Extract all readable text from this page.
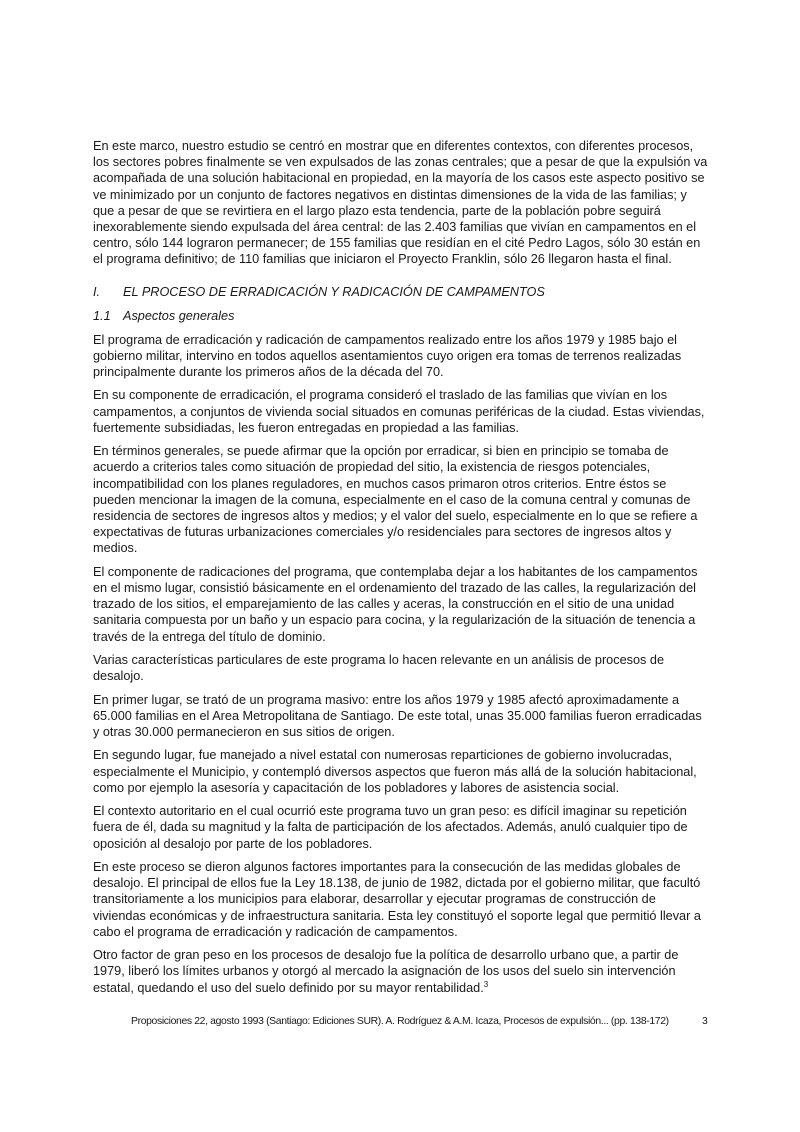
En este marco, nuestro estudio se centró en mostrar que en diferentes contextos, con diferentes procesos, los sectores pobres finalmente se ven expulsados de las zonas centrales; que a pesar de que la expulsión va acompañada de una solución habitacional en propiedad, en la mayoría de los casos este aspecto positivo se ve minimizado por un conjunto de factores negativos en distintas dimensiones de la vida de las familias; y que a pesar de que se revirtiera en el largo plazo esta tendencia, parte de la población pobre seguirá inexorablemente siendo expulsada del área central: de las 2.403 familias que vivían en campamentos en el centro, sólo 144 lograron permanecer; de 155 familias que residían en el cité Pedro Lagos, sólo 30 están en el programa definitivo; de 110 familias que iniciaron el Proyecto Franklin, sólo 26 llegaron hasta el final.

I. EL PROCESO DE ERRADICACIÓN Y RADICACIÓN DE CAMPAMENTOS
1.1 Aspectos generales

El programa de erradicación y radicación de campamentos realizado entre los años 1979 y 1985 bajo el gobierno militar, intervino en todos aquellos asentamientos cuyo origen era tomas de terrenos realizadas principalmente durante los primeros años de la década del 70.

En su componente de erradicación, el programa consideró el traslado de las familias que vivían en los campamentos, a conjuntos de vivienda social situados en comunas periféricas de la ciudad. Estas viviendas, fuertemente subsidiadas, les fueron entregadas en propiedad a las familias.

En términos generales, se puede afirmar que la opción por erradicar, si bien en principio se tomaba de acuerdo a criterios tales como situación de propiedad del sitio, la existencia de riesgos potenciales, incompatibilidad con los planes reguladores, en muchos casos primaron otros criterios. Entre éstos se pueden mencionar la imagen de la comuna, especialmente en el caso de la comuna central y comunas de residencia de sectores de ingresos altos y medios; y el valor del suelo, especialmente en lo que se refiere a expectativas de futuras urbanizaciones comerciales y/o residenciales para sectores de ingresos altos y medios.

El componente de radicaciones del programa, que contemplaba dejar a los habitantes de los campamentos en el mismo lugar, consistió básicamente en el ordenamiento del trazado de las calles, la regularización del trazado de los sitios, el emparejamiento de las calles y aceras, la construcción en el sitio de una unidad sanitaria compuesta por un baño y un espacio para cocina, y la regularización de la situación de tenencia a través de la entrega del título de dominio.

Varias características particulares de este programa lo hacen relevante en un análisis de procesos de desalojo.

En primer lugar, se trató de un programa masivo: entre los años 1979 y 1985 afectó aproximadamente a 65.000 familias en el Area Metropolitana de Santiago. De este total, unas 35.000 familias fueron erradicadas y otras 30.000 permanecieron en sus sitios de origen.

En segundo lugar, fue manejado a nivel estatal con numerosas reparticiones de gobierno involucradas, especialmente el Municipio, y contempló diversos aspectos que fueron más allá de la solución habitacional, como por ejemplo la asesoría y capacitación de los pobladores y labores de asistencia social.

El contexto autoritario en el cual ocurrió este programa tuvo un gran peso: es difícil imaginar su repetición fuera de él, dada su magnitud y la falta de participación de los afectados. Además, anuló cualquier tipo de oposición al desalojo por parte de los pobladores.

En este proceso se dieron algunos factores importantes para la consecución de las medidas globales de desalojo. El principal de ellos fue la Ley 18.138, de junio de 1982, dictada por el gobierno militar, que facultó transitoriamente a los municipios para elaborar, desarrollar y ejecutar programas de construcción de viviendas económicas y de infraestructura sanitaria. Esta ley constituyó el soporte legal que permitió llevar a cabo el programa de erradicación y radicación de campamentos.

Otro factor de gran peso en los procesos de desalojo fue la política de desarrollo urbano que, a partir de 1979, liberó los límites urbanos y otorgó al mercado la asignación de los usos del suelo sin intervención estatal, quedando el uso del suelo definido por su mayor rentabilidad.$^3$

Proposiciones 22, agosto 1993 (Santiago: Ediciones SUR). A. Rodríguez & A.M. Icaza, Procesos de expulsión... (pp. 138-172)	3
